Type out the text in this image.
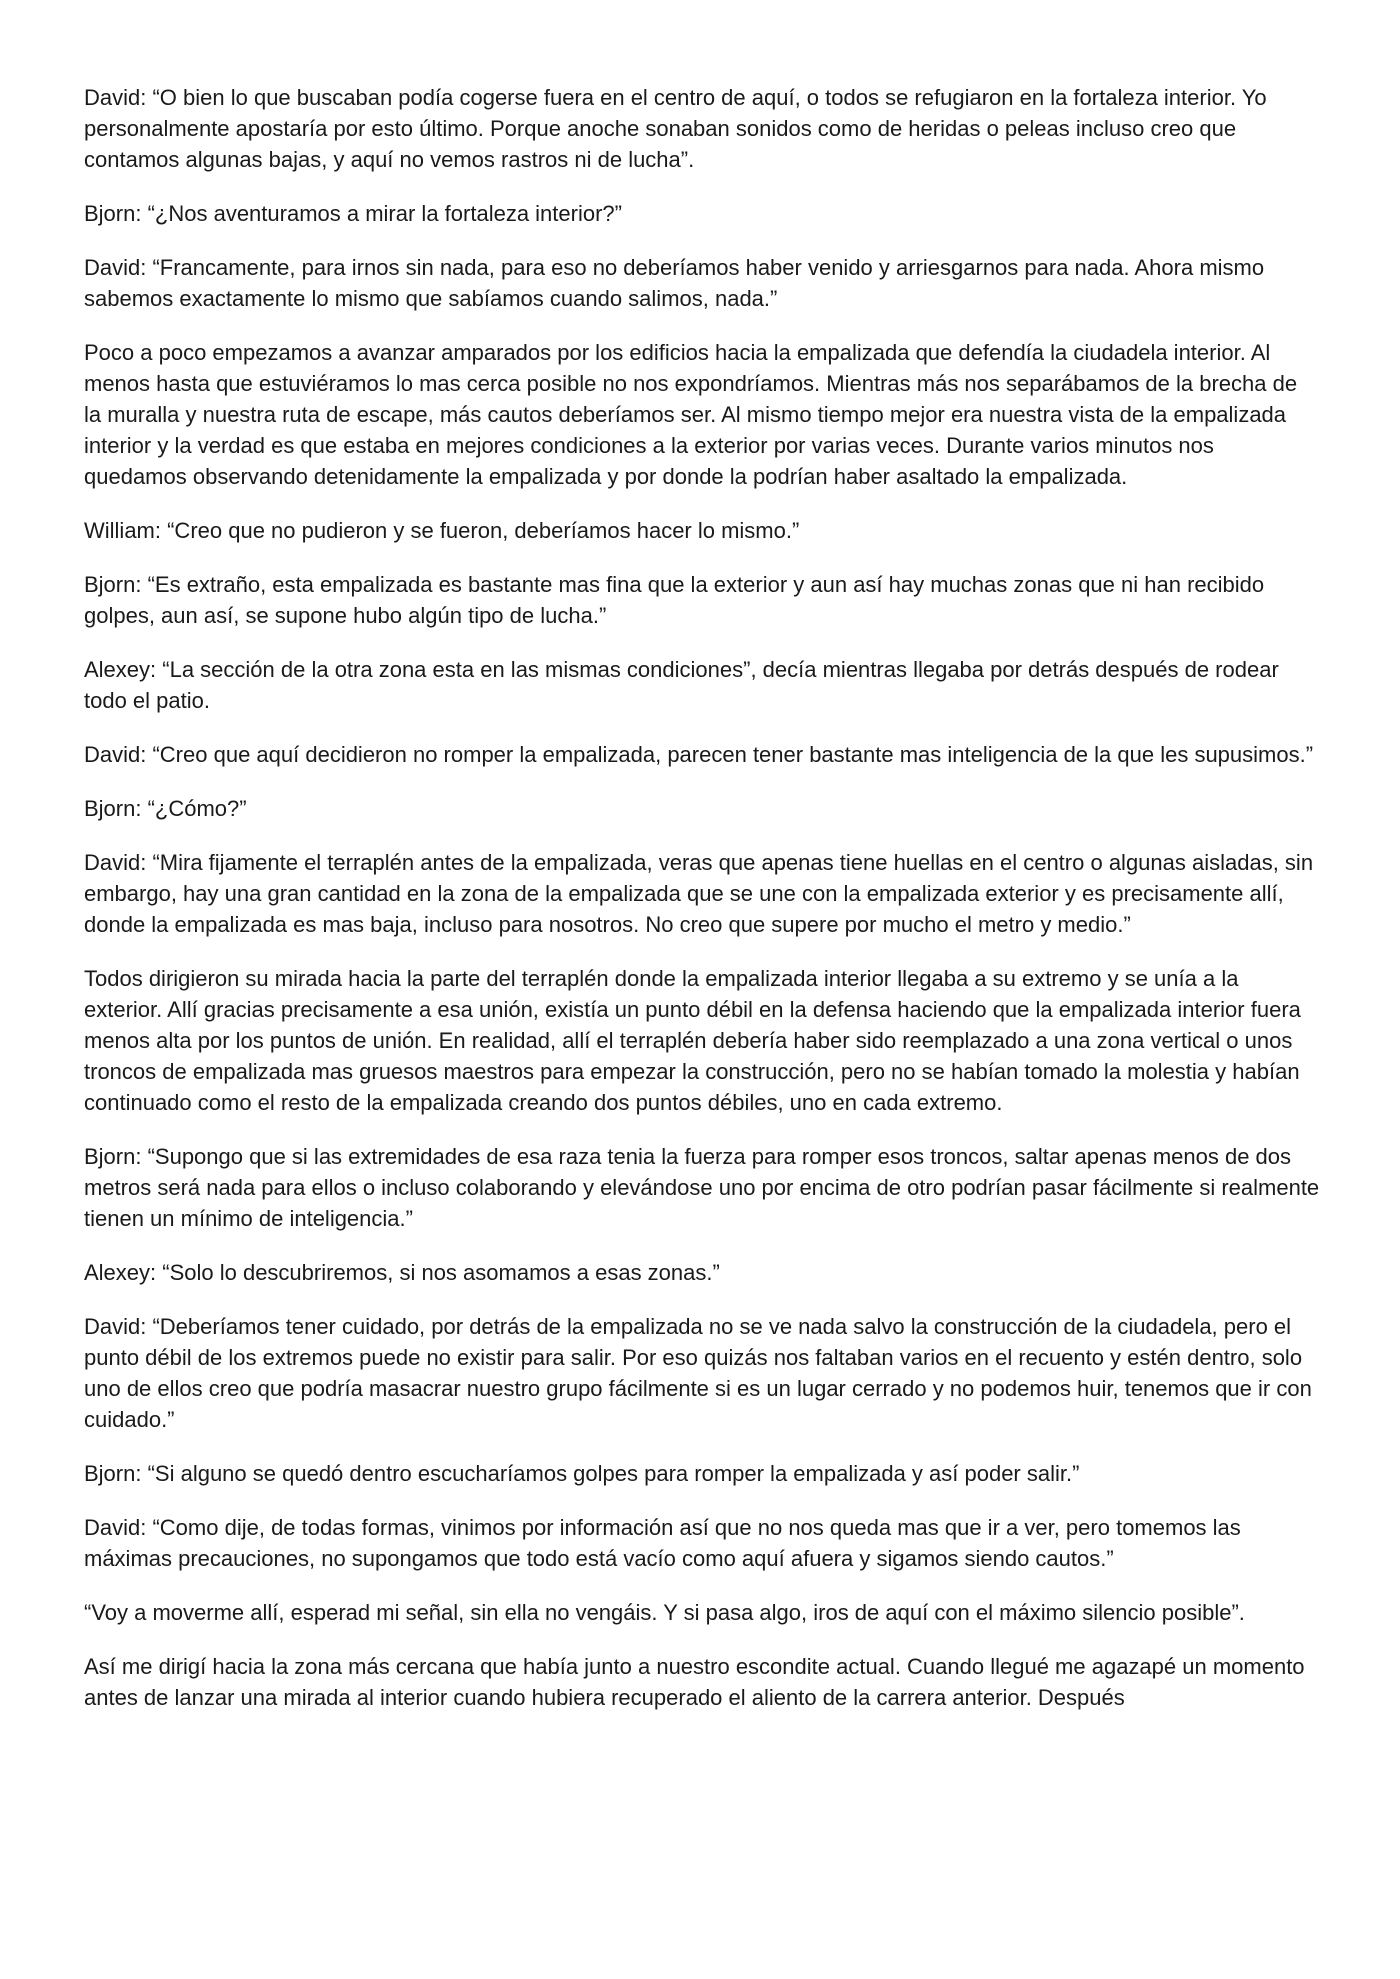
David: “O bien lo que buscaban podía cogerse fuera en el centro de aquí, o todos se refugiaron en la fortaleza interior. Yo personalmente apostaría por esto último. Porque anoche sonaban sonidos como de heridas o peleas incluso creo que contamos algunas bajas, y aquí no vemos rastros ni de lucha”.

Bjorn: “¿Nos aventuramos a mirar la fortaleza interior?”

David: “Francamente, para irnos sin nada, para eso no deberíamos haber venido y arriesgarnos para nada. Ahora mismo sabemos exactamente lo mismo que sabíamos cuando salimos, nada.”

Poco a poco empezamos a avanzar amparados por los edificios hacia la empalizada que defendía la ciudadela interior. Al menos hasta que estuviéramos lo mas cerca posible no nos expondríamos. Mientras más nos separábamos de la brecha de la muralla y nuestra ruta de escape, más cautos deberíamos ser. Al mismo tiempo mejor era nuestra vista de la empalizada interior y la verdad es que estaba en mejores condiciones a la exterior por varias veces. Durante varios minutos nos quedamos observando detenidamente la empalizada y por donde la podrían haber asaltado la empalizada.

William: “Creo que no pudieron y se fueron, deberíamos hacer lo mismo.”

Bjorn: “Es extraño, esta empalizada es bastante mas fina que la exterior y aun así hay muchas zonas que ni han recibido golpes, aun así, se supone hubo algún tipo de lucha.”

Alexey: “La sección de la otra zona esta en las mismas condiciones”, decía mientras llegaba por detrás después de rodear todo el patio.

David: “Creo que aquí decidieron no romper la empalizada, parecen tener bastante mas inteligencia de la que les supusimos.”

Bjorn: “¿Cómo?”

David: “Mira fijamente el terraplén antes de la empalizada, veras que apenas tiene huellas en el centro o algunas aisladas, sin embargo, hay una gran cantidad en la zona de la empalizada que se une con la empalizada exterior y es precisamente allí, donde la empalizada es mas baja, incluso para nosotros. No creo que supere por mucho el metro y medio.”

Todos dirigieron su mirada hacia la parte del terraplén donde la empalizada interior llegaba a su extremo y se unía a la exterior. Allí gracias precisamente a esa unión, existía un punto débil en la defensa haciendo que la empalizada interior fuera menos alta por los puntos de unión. En realidad, allí el terraplén debería haber sido reemplazado a una zona vertical o unos troncos de empalizada mas gruesos maestros para empezar la construcción, pero no se habían tomado la molestia y habían continuado como el resto de la empalizada creando dos puntos débiles, uno en cada extremo.

Bjorn: “Supongo que si las extremidades de esa raza tenia la fuerza para romper esos troncos, saltar apenas menos de dos metros será nada para ellos o incluso colaborando y elevándose uno por encima de otro podrían pasar fácilmente si realmente tienen un mínimo de inteligencia.”

Alexey: “Solo lo descubriremos, si nos asomamos a esas zonas.”

David: “Deberíamos tener cuidado, por detrás de la empalizada no se ve nada salvo la construcción de la ciudadela, pero el punto débil de los extremos puede no existir para salir. Por eso quizás nos faltaban varios en el recuento y estén dentro, solo uno de ellos creo que podría masacrar nuestro grupo fácilmente si es un lugar cerrado y no podemos huir, tenemos que ir con cuidado.”

Bjorn: “Si alguno se quedó dentro escucharíamos golpes para romper la empalizada y así poder salir.”

David: “Como dije, de todas formas, vinimos por información así que no nos queda mas que ir a ver, pero tomemos las máximas precauciones, no supongamos que todo está vacío como aquí afuera y sigamos siendo cautos.”

“Voy a moverme allí, esperad mi señal, sin ella no vengáis. Y si pasa algo, iros de aquí con el máximo silencio posible”.

Así me dirigí hacia la zona más cercana que había junto a nuestro escondite actual. Cuando llegué me agazapé un momento antes de lanzar una mirada al interior cuando hubiera recuperado el aliento de la carrera anterior. Después
